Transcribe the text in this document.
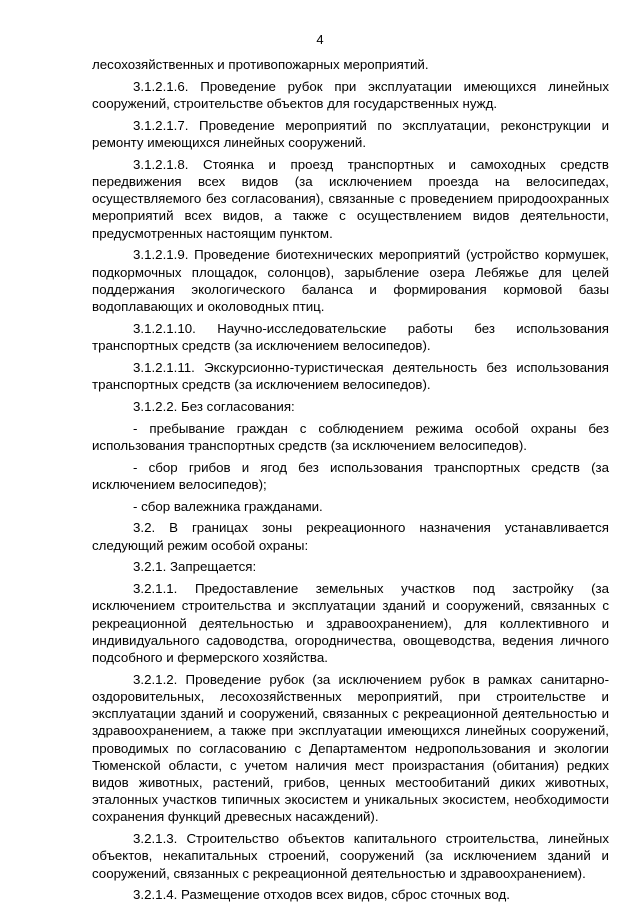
4

лесохозяйственных и противопожарных мероприятий.

3.1.2.1.6. Проведение рубок при эксплуатации имеющихся линейных сооружений, строительстве объектов для государственных нужд.

3.1.2.1.7. Проведение мероприятий по эксплуатации, реконструкции и ремонту имеющихся линейных сооружений.

3.1.2.1.8. Стоянка и проезд транспортных и самоходных средств передвижения всех видов (за исключением проезда на велосипедах, осуществляемого без согласования), связанные с проведением природоохранных мероприятий всех видов, а также с осуществлением видов деятельности, предусмотренных настоящим пунктом.

3.1.2.1.9. Проведение биотехнических мероприятий (устройство кормушек, подкормочных площадок, солонцов), зарыбление озера Лебяжье для целей поддержания экологического баланса и формирования кормовой базы водоплавающих и околоводных птиц.

3.1.2.1.10. Научно-исследовательские работы без использования транспортных средств (за исключением велосипедов).

3.1.2.1.11. Экскурсионно-туристическая деятельность без использования транспортных средств (за исключением велосипедов).

3.1.2.2. Без согласования:

- пребывание граждан с соблюдением режима особой охраны без использования транспортных средств (за исключением велосипедов).

- сбор грибов и ягод без использования транспортных средств (за исключением велосипедов);

- сбор валежника гражданами.

3.2. В границах зоны рекреационного назначения устанавливается следующий режим особой охраны:

3.2.1. Запрещается:

3.2.1.1. Предоставление земельных участков под застройку (за исключением строительства и эксплуатации зданий и сооружений, связанных с рекреационной деятельностью и здравоохранением), для коллективного и индивидуального садоводства, огородничества, овощеводства, ведения личного подсобного и фермерского хозяйства.

3.2.1.2. Проведение рубок (за исключением рубок в рамках санитарно-оздоровительных, лесохозяйственных мероприятий, при строительстве и эксплуатации зданий и сооружений, связанных с рекреационной деятельностью и здравоохранением, а также при эксплуатации имеющихся линейных сооружений, проводимых по согласованию с Департаментом недропользования и экологии Тюменской области, с учетом наличия мест произрастания (обитания) редких видов животных, растений, грибов, ценных местообитаний диких животных, эталонных участков типичных экосистем и уникальных экосистем, необходимости сохранения функций древесных насаждений).

3.2.1.3. Строительство объектов капитального строительства, линейных объектов, некапитальных строений, сооружений (за исключением зданий и сооружений, связанных с рекреационной деятельностью и здравоохранением).

3.2.1.4. Размещение отходов всех видов, сброс сточных вод.
